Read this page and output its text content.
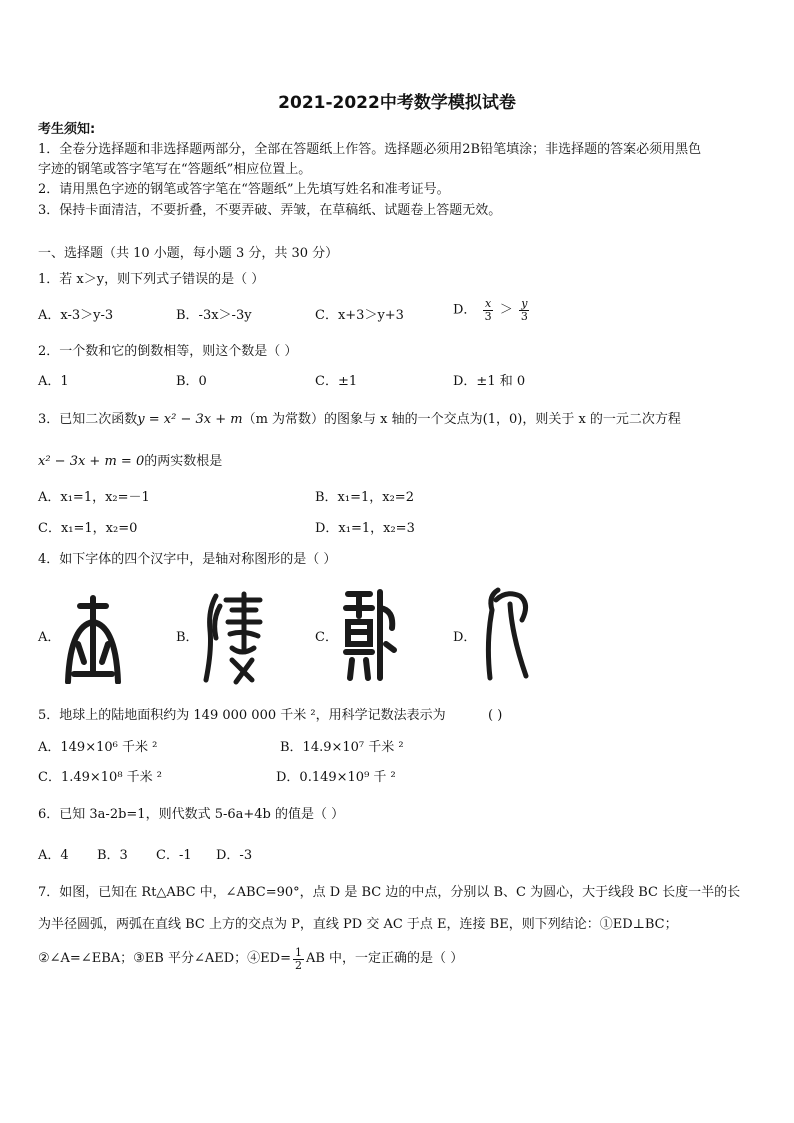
2021-2022中考数学模拟试卷
考生须知:
1．全卷分选择题和非选择题两部分，全部在答题纸上作答。选择题必须用2B铅笔填涂；非选择题的答案必须用黑色
字迹的钢笔或答字笔写在“答题纸”相应位置上。
2．请用黑色字迹的钢笔或答字笔在“答题纸”上先填写姓名和准考证号。
3．保持卡面清洁，不要折叠，不要弄破、弄皱，在草稿纸、试题卷上答题无效。
一、选择题（共 10 小题，每小题 3 分，共 30 分）
1．若 x＞y，则下列式子错误的是（ ）
A．x-3＞y-3	B．-3x＞-3y	C．x+3＞y+3	D． $\frac{x}{3} > \frac{y}{3}$
2．一个数和它的倒数相等，则这个数是（ ）
A．1	B．0	C．±1	D．±1 和 0
3．已知二次函数y = x² − 3x + m（m 为常数）的图象与 x 轴的一个交点为(1，0)，则关于 x 的一元二次方程
x² − 3x + m = 0的两实数根是
A．x₁=1，x₂=－1	B．x₁=1，x₂=2
C．x₁=1，x₂=0	D．x₁=1，x₂=3
4．如下字体的四个汉字中，是轴对称图形的是（ ）
A．	B．	C．	D．
5．地球上的陆地面积约为 149 000 000 千米 ²，用科学记数法表示为	( )
A．149×10⁶ 千米 ²	B．14.9×10⁷ 千米 ²
C．1.49×10⁸ 千米 ²	D．0.149×10⁹ 千 ²
6．已知 3a-2b=1，则代数式 5-6a+4b 的值是（ ）
A．4 B．3 C．-1 D．-3
7．如图，已知在 Rt△ABC 中，∠ABC=90°，点 D 是 BC 边的中点，分别以 B、C 为圆心，大于线段 BC 长度一半的长
为半径圆弧，两弧在直线 BC 上方的交点为 P，直线 PD 交 AC 于点 E，连接 BE，则下列结论：①ED⊥BC；
②∠A=∠EBA；③EB 平分∠AED；④ED= $\frac{1}{2}$ AB 中，一定正确的是（ ）
